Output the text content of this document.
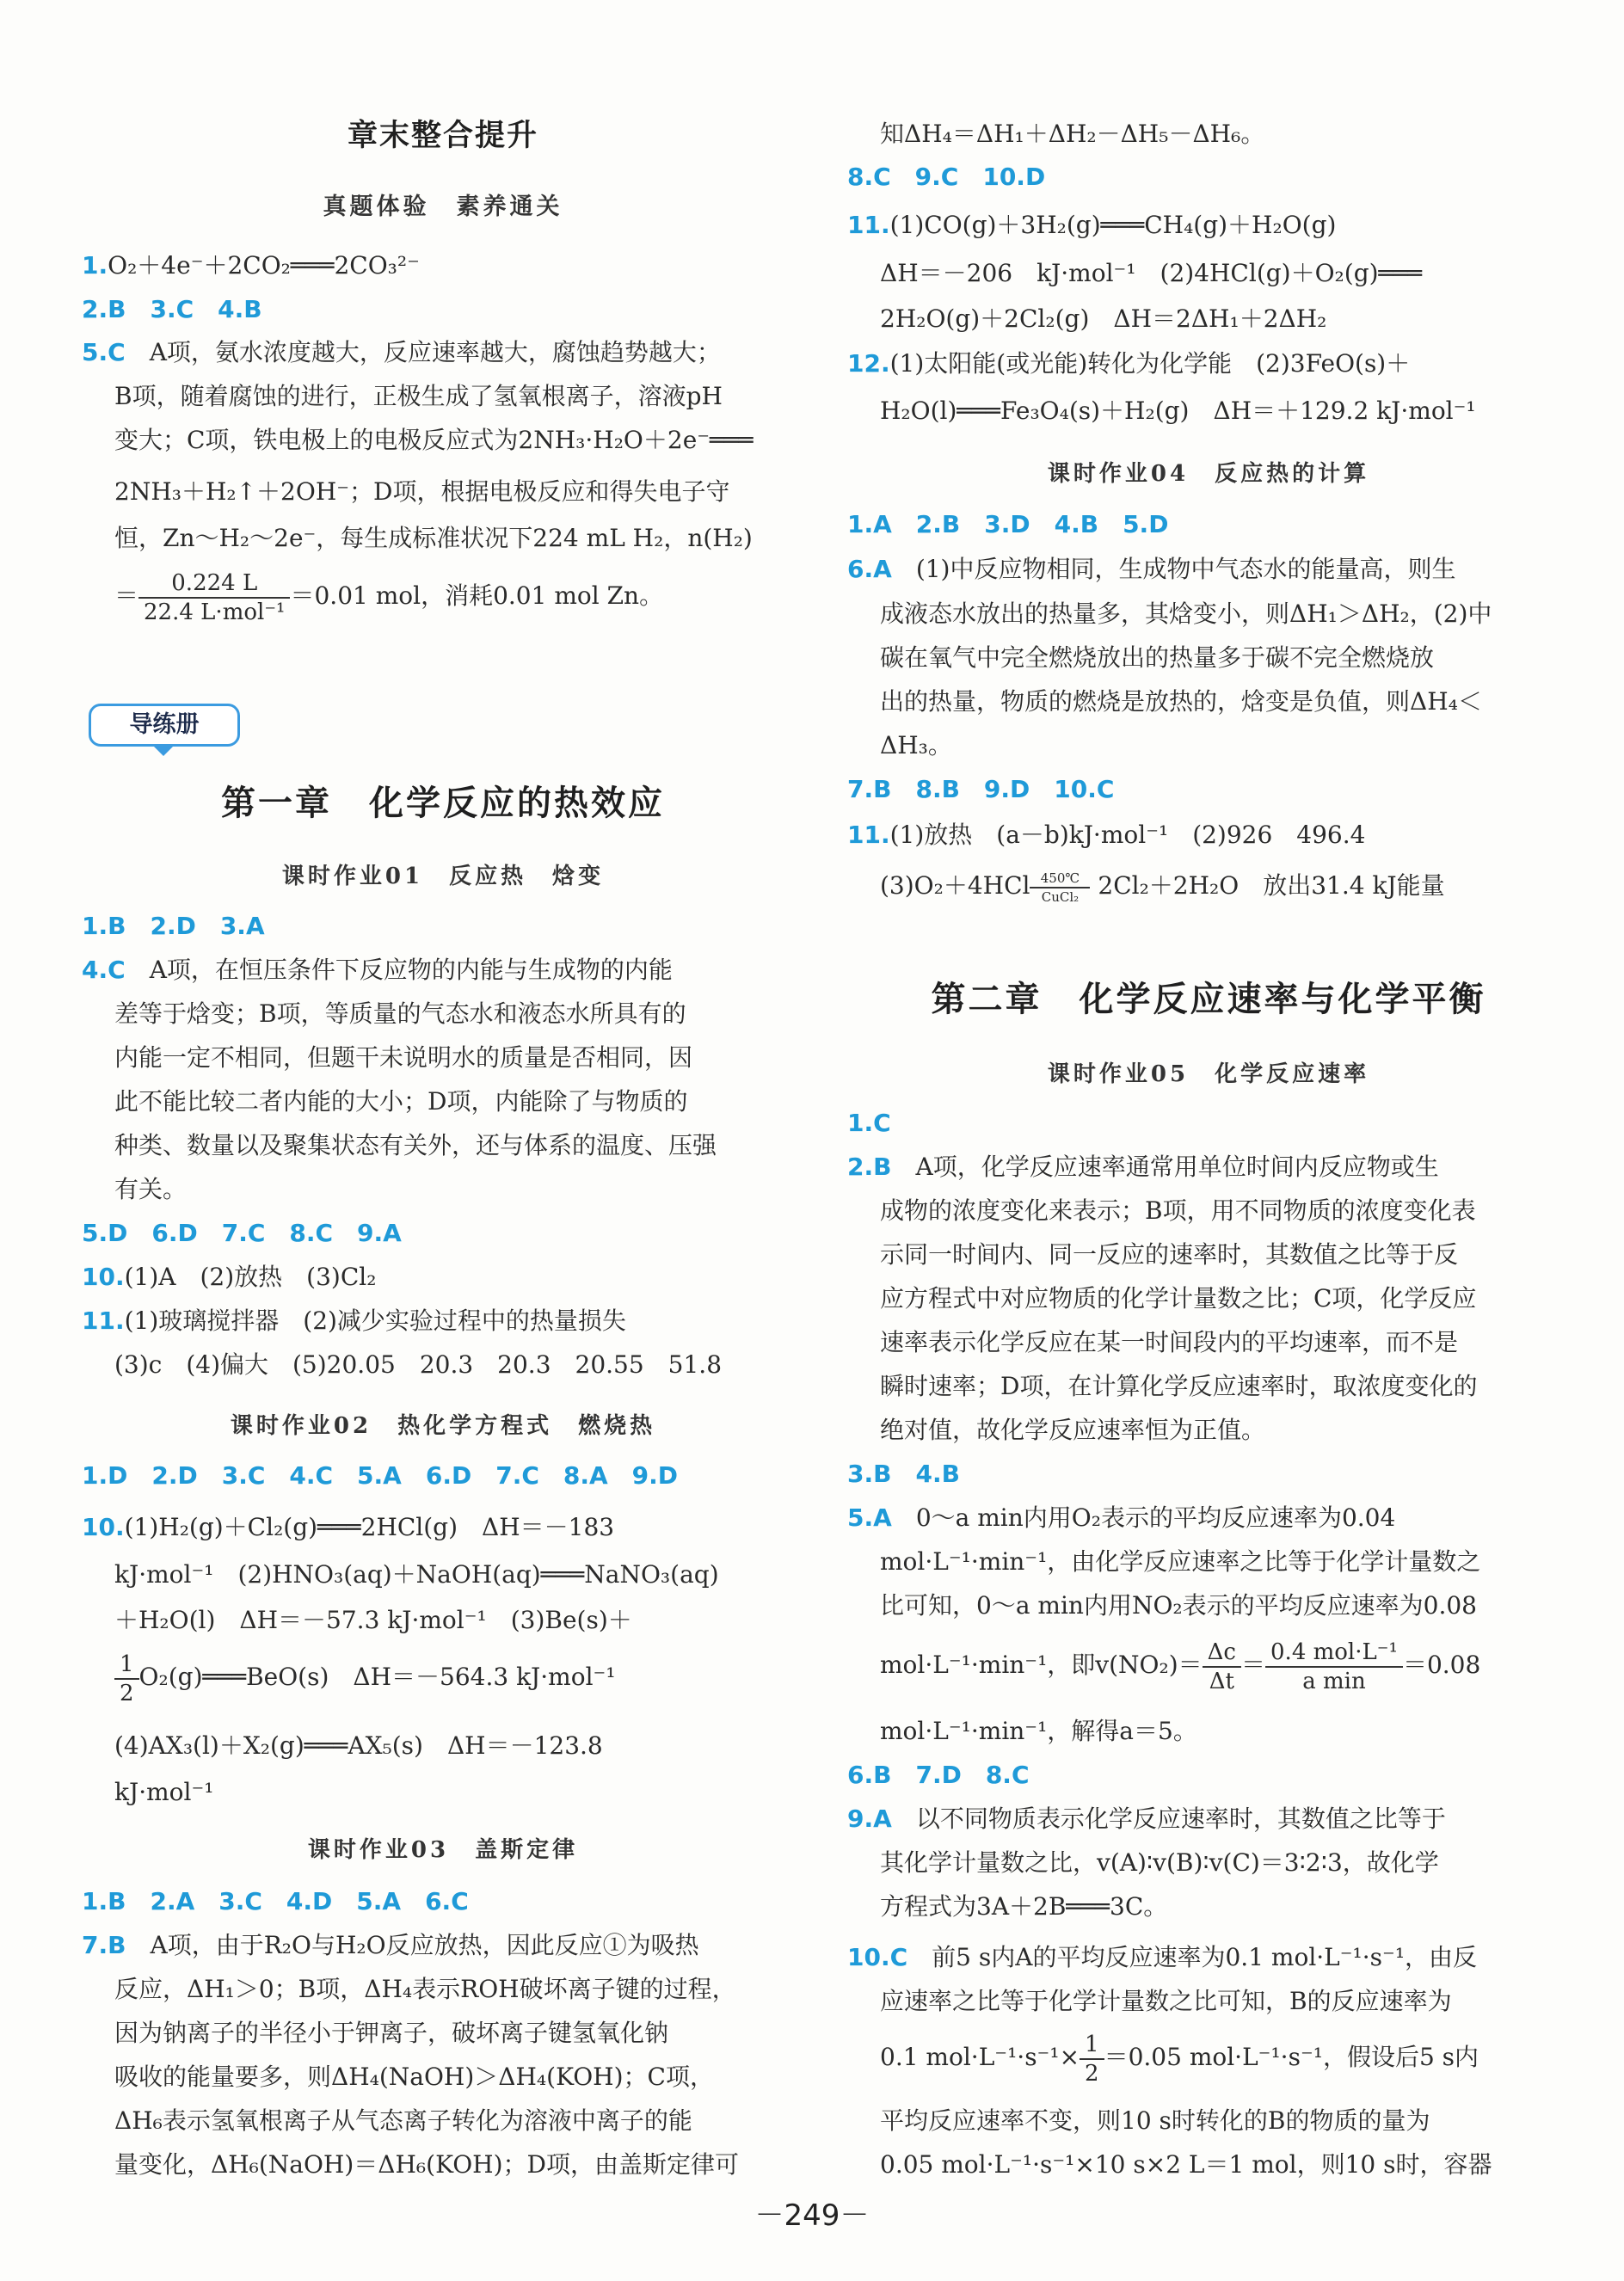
章末整合提升
真题体验　素养通关
1.O₂＋4e⁻＋2CO₂═══2CO₃²⁻
2.B　3.C　4.B
5.C　 A项，氨水浓度越大，反应速率越大，腐蚀趋势越大；
B项，随着腐蚀的进行，正极生成了氢氧根离子，溶液pH
变大；C项，铁电极上的电极反应式为2NH₃·H₂O＋2e⁻═══
2NH₃＋H₂↑＋2OH⁻；D项，根据电极反应和得失电子守
恒，Zn～H₂～2e⁻，每生成标准状况下224 mL H₂，n(H₂)
＝ $\frac{0.224 L}{\text{22.4 L·mol⁻¹}} =0.01$ mol，消耗0.01 mol Zn。
导练册
第一章　化学反应的热效应
课时作业01　反应热　焓变
1.B　2.D　3.A
4.C　 A项，在恒压条件下反应物的内能与生成物的内能
差等于焓变；B项，等质量的气态水和液态水所具有的
内能一定不相同，但题干未说明水的质量是否相同，因
此不能比较二者内能的大小；D项，内能除了与物质的
种类、数量以及聚集状态有关外，还与体系的温度、压强
有关。
5.D　6.D　7.C　8.C　9.A
10.(1)A　(2)放热　(3)Cl₂
11.(1)玻璃搅拌器　(2)减少实验过程中的热量损失
(3)c　(4)偏大　(5)20.05　20.3　20.3　20.55　51.8
课时作业02　热化学方程式　燃烧热
1.D　2.D　3.C　4.C　5.A　6.D　7.C　8.A　9.D
10.(1)H₂(g)＋Cl₂(g)═══2HCl(g)　ΔH＝－183
kJ·mol⁻¹　(2)HNO₃(aq)＋NaOH(aq)═══NaNO₃(aq)
＋H₂O(l)　ΔH＝－57.3 kJ·mol⁻¹　(3)Be(s)＋
$\frac{1}{2}$ O₂(g)═══BeO(s)　ΔH＝－564.3 kJ·mol⁻¹
(4)AX₃(l)＋X₂(g)═══AX₅(s)　ΔH＝－123.8
kJ·mol⁻¹
课时作业03　盖斯定律
1.B　2.A　3.C　4.D　5.A　6.C
7.B　 A项，由于R₂O与H₂O反应放热，因此反应①为吸热
反应，ΔH₁＞0；B项，ΔH₄表示ROH破坏离子键的过程，
因为钠离子的半径小于钾离子，破坏离子键氢氧化钠
吸收的能量要多，则ΔH₄(NaOH)＞ΔH₄(KOH)；C项，
ΔH₆表示氢氧根离子从气态离子转化为溶液中离子的能
量变化，ΔH₆(NaOH)＝ΔH₆(KOH)；D项，由盖斯定律可
知ΔH₄＝ΔH₁＋ΔH₂－ΔH₅－ΔH₆。
8.C　9.C　10.D
11.(1)CO(g)＋3H₂(g)═══CH₄(g)＋H₂O(g)
ΔH＝－206　kJ·mol⁻¹　(2)4HCl(g)＋O₂(g)═══
2H₂O(g)＋2Cl₂(g)　ΔH＝2ΔH₁＋2ΔH₂
12.(1)太阳能(或光能)转化为化学能　(2)3FeO(s)＋
H₂O(l)═══Fe₃O₄(s)＋H₂(g)　ΔH＝＋129.2 kJ·mol⁻¹
课时作业04　反应热的计算
1.A　2.B　3.D　4.B　5.D
6.A　 (1)中反应物相同，生成物中气态水的能量高，则生
成液态水放出的热量多，其焓变小，则ΔH₁＞ΔH₂，(2)中
碳在氧气中完全燃烧放出的热量多于碳不完全燃烧放
出的热量，物质的燃烧是放热的，焓变是负值，则ΔH₄＜
ΔH₃。
7.B　8.B　9.D　10.C
11.(1)放热　(a－b)kJ·mol⁻¹　(2)926　496.4
$(3)O_2+4HCl \frac{450℃}{\text{CuCl₂}} 2Cl_2+2H_2O$　放出31.4 kJ能量
第二章　化学反应速率与化学平衡
课时作业05　化学反应速率
1.C
2.B　 A项，化学反应速率通常用单位时间内反应物或生
成物的浓度变化来表示；B项，用不同物质的浓度变化表
示同一时间内、同一反应的速率时，其数值之比等于反
应方程式中对应物质的化学计量数之比；C项，化学反应
速率表示化学反应在某一时间段内的平均速率，而不是
瞬时速率；D项，在计算化学反应速率时，取浓度变化的
绝对值，故化学反应速率恒为正值。
3.B　4.B
5.A　 0～a min内用O₂表示的平均反应速率为0.04
mol·L⁻¹·min⁻¹，由化学反应速率之比等于化学计量数之
比可知，0～a min内用NO₂表示的平均反应速率为0.08
mol·L⁻¹·min⁻¹，即$v(NO_2)= \frac{\Delta c}{\Delta t} = \frac{\text{0.4 mol·L⁻¹}}{\text{a min}} =0.08$
mol·L⁻¹·min⁻¹，解得a＝5。
6.B　7.D　8.C
9.A　 以不同物质表示化学反应速率时，其数值之比等于
其化学计量数之比，v(A)∶v(B)∶v(C)＝3∶2∶3，故化学
方程式为3A＋2B═══3C。
10.C　 前5 s内A的平均反应速率为0.1 mol·L⁻¹·s⁻¹，由反
应速率之比等于化学计量数之比可知，B的反应速率为
0.1 $mol\cdot L^{-1}\cdot s^{-1}\times \frac{1}{2} =0.05$ mol·L⁻¹·s⁻¹，假设后5 s内
平均反应速率不变，则10 s时转化的B的物质的量为
0.05 mol·L⁻¹·s⁻¹×10 s×2 L＝1 mol，则10 s时，容器
－249－
